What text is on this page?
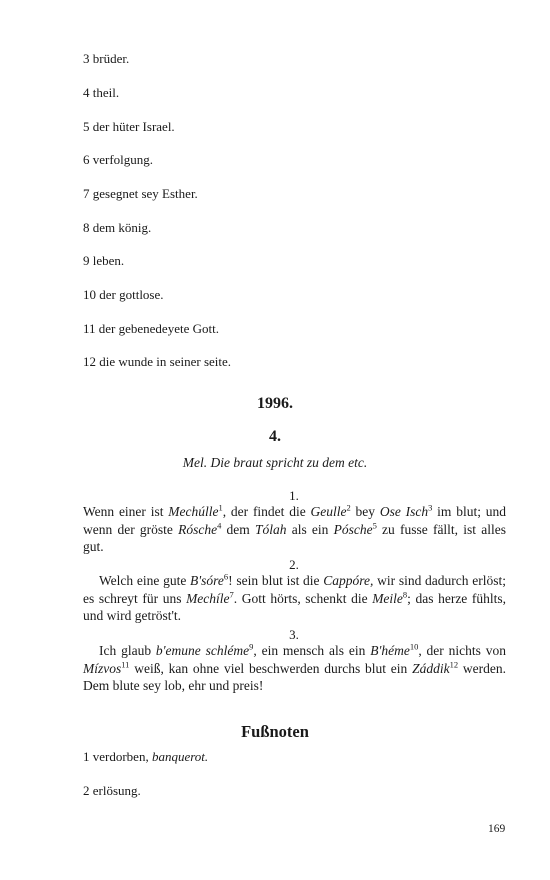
3 brüder.
4 theil.
5 der hüter Israel.
6 verfolgung.
7 gesegnet sey Esther.
8 dem könig.
9 leben.
10 der gottlose.
11 der gebenedeyete Gott.
12 die wunde in seiner seite.
1996.
4.
Mel. Die braut spricht zu dem etc.
1.
Wenn einer ist Mechúlle$^1$, der findet die Geulle$^2$ bey Ose Isch$^3$ im blut; und wenn der gröste Rósche$^4$ dem Tólah als ein Pósche$^5$ zu fusse fällt, ist alles gut.
2.
Welch eine gute B'sóre$^6$! sein blut ist die Cappóre, wir sind dadurch erlöst; es schreyt für uns Mechíle$^7$. Gott hörts, schenkt die Meile$^8$; das herze fühlts, und wird getröst't.
3.
Ich glaub b'emune schléme$^9$, ein mensch als ein B'héme$^{10}$, der nichts von Mízvos$^{11}$ weiß, kan ohne viel beschwerden durchs blut ein Záddik$^{12}$ werden. Dem blute sey lob, ehr und preis!
Fußnoten
1 verdorben, banquerot.
2 erlösung.
169
